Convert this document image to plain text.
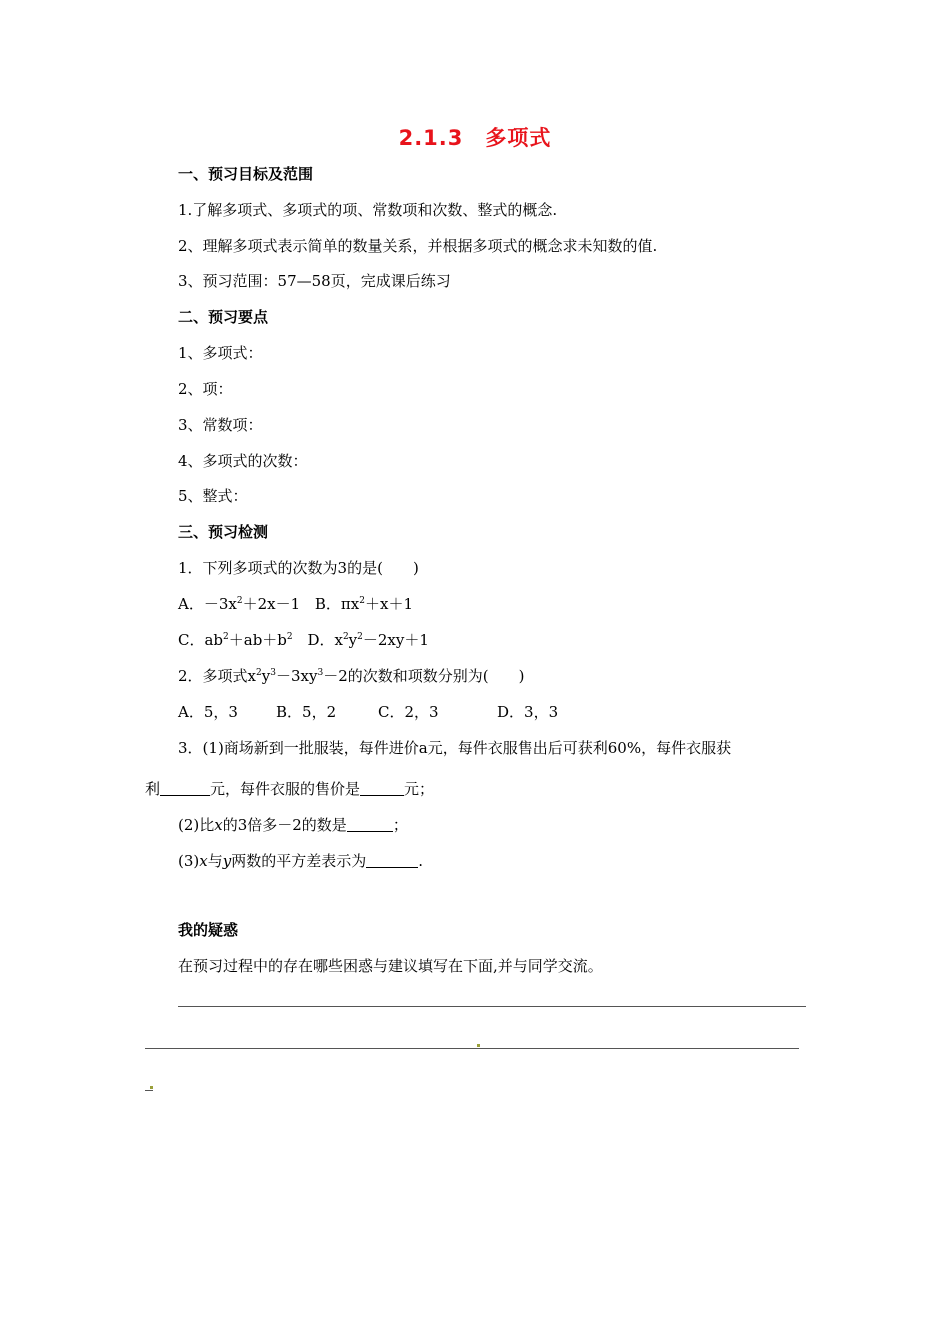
2.1.3　多项式
一、预习目标及范围
1.了解多项式、多项式的项、常数项和次数、整式的概念.
2、理解多项式表示简单的数量关系，并根据多项式的概念求未知数的值.
3、预习范围：57—58页，完成课后练习
二、预习要点
1、多项式：
2、项：
3、常数项：
4、多项式的次数：
5、整式：
三、预习检测
1．下列多项式的次数为3的是(　　)
A．$-3x^2+2x-1$ B．$\pi x^2+x+1$
C．$ab^2+ab+b^2$ D．$x^2y^2-2xy+1$
2．多项式$x^2y^3-3xy^3-2$的次数和项数分别为(　　)
A．5，3	B．5，2	C．2，3	D．3，3
3．(1)商场新到一批服装，每件进价a元，每件衣服售出后可获利60%，每件衣服获
利	元，每件衣服的售价是	元；
(2)比x的3倍多－2的数是	；
(3)x与y两数的平方差表示为	.
我的疑惑
在预习过程中的存在哪些困惑与建议填写在下面,并与同学交流。
